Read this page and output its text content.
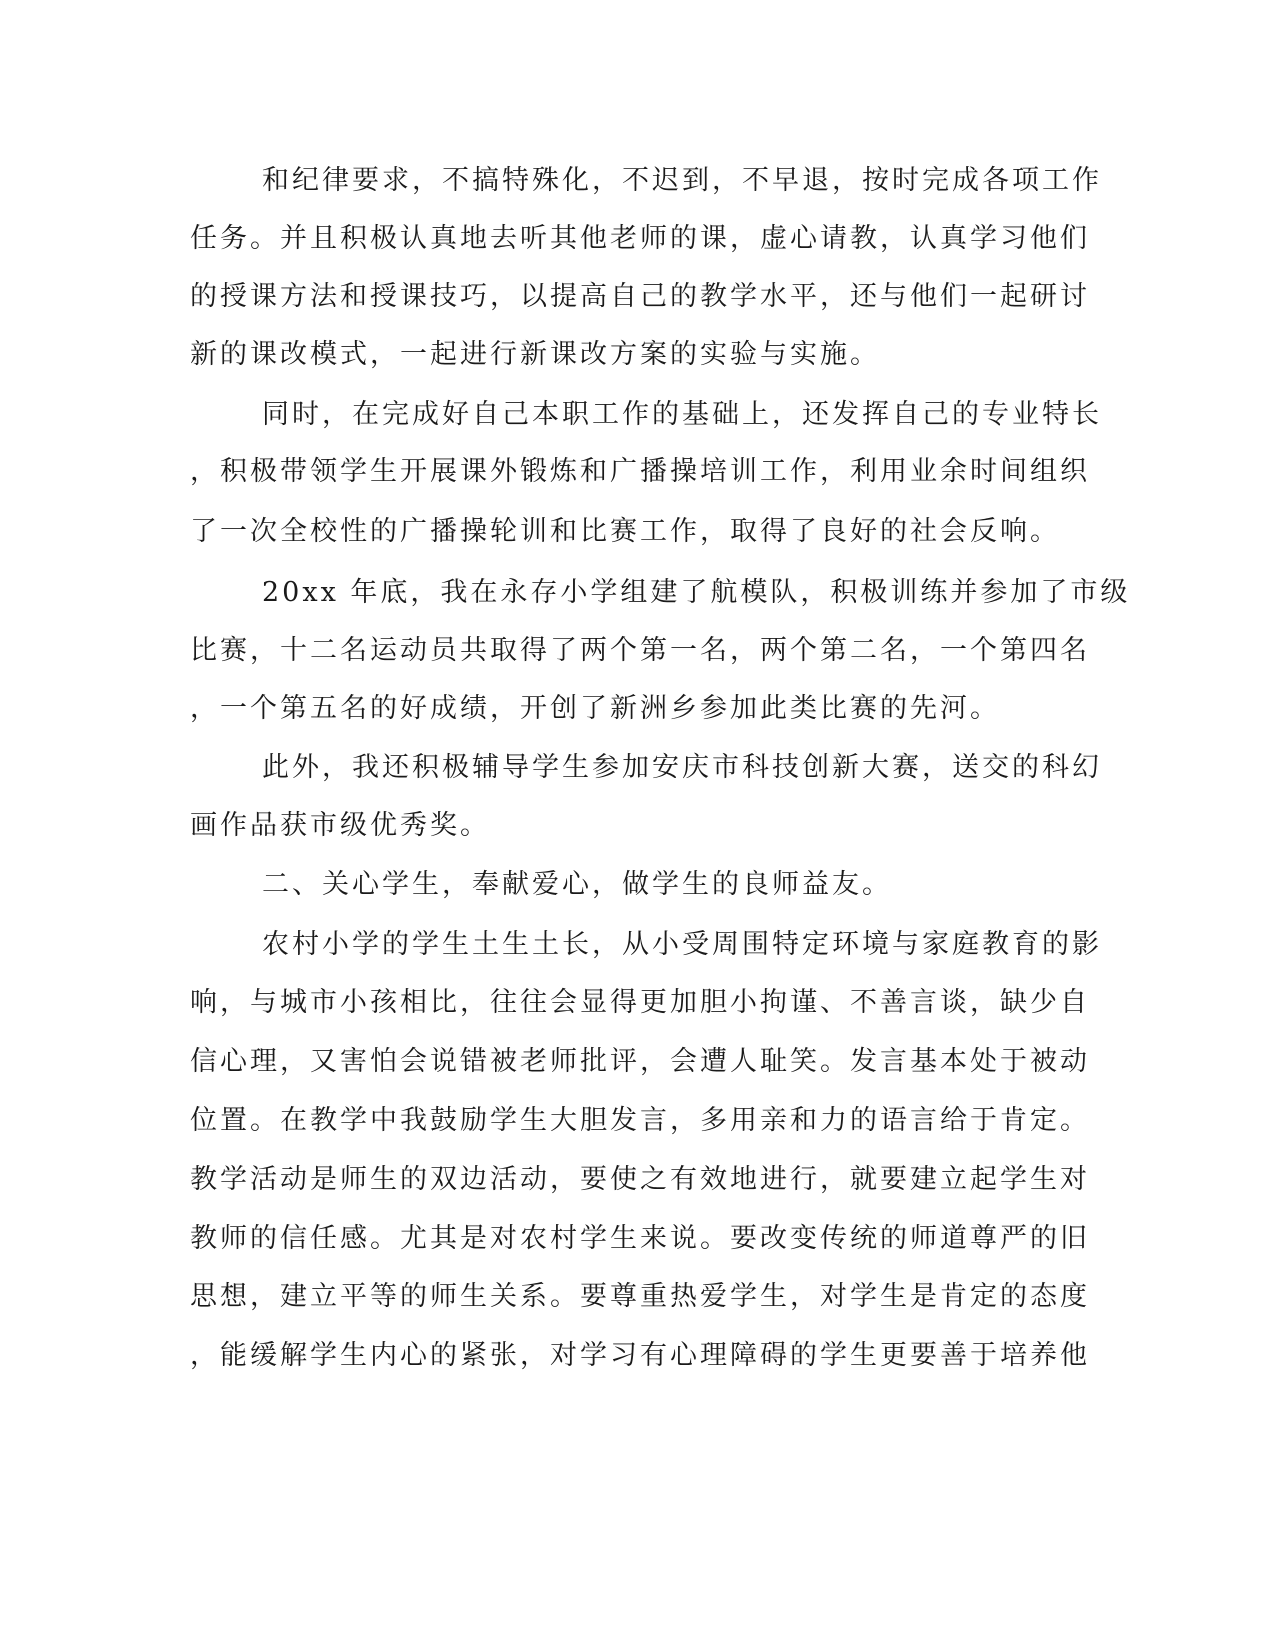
和纪律要求，不搞特殊化，不迟到，不早退，按时完成各项工作
任务。并且积极认真地去听其他老师的课，虚心请教，认真学习他们
的授课方法和授课技巧，以提高自己的教学水平，还与他们一起研讨
新的课改模式，一起进行新课改方案的实验与实施。
同时，在完成好自己本职工作的基础上，还发挥自己的专业特长
，积极带领学生开展课外锻炼和广播操培训工作，利用业余时间组织
了一次全校性的广播操轮训和比赛工作，取得了良好的社会反响。
20xx 年底，我在永存小学组建了航模队，积极训练并参加了市级
比赛，十二名运动员共取得了两个第一名，两个第二名，一个第四名
，一个第五名的好成绩，开创了新洲乡参加此类比赛的先河。
此外，我还积极辅导学生参加安庆市科技创新大赛，送交的科幻
画作品获市级优秀奖。
二、关心学生，奉献爱心，做学生的良师益友。
农村小学的学生土生土长，从小受周围特定环境与家庭教育的影
响，与城市小孩相比，往往会显得更加胆小拘谨、不善言谈，缺少自
信心理，又害怕会说错被老师批评，会遭人耻笑。发言基本处于被动
位置。在教学中我鼓励学生大胆发言，多用亲和力的语言给于肯定。
教学活动是师生的双边活动，要使之有效地进行，就要建立起学生对
教师的信任感。尤其是对农村学生来说。要改变传统的师道尊严的旧
思想，建立平等的师生关系。要尊重热爱学生，对学生是肯定的态度
，能缓解学生内心的紧张，对学习有心理障碍的学生更要善于培养他
